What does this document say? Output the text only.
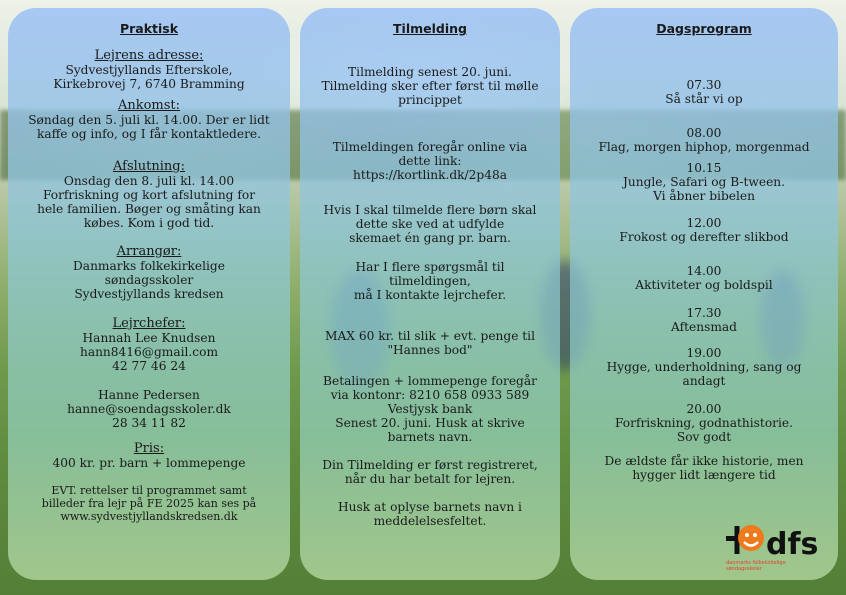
Praktisk
Lejrens adresse:
Sydvestjyllands Efterskole,
Kirkebrovej 7, 6740 Bramming
Ankomst:
Søndag den 5. juli kl. 14.00. Der er lidt
kaffe og info, og I får kontaktledere.
Afslutning:
Onsdag den 8. juli kl. 14.00
Forfriskning og kort afslutning for
hele familien. Bøger og småting kan
købes. Kom i god tid.
Arrangør:
Danmarks folkekirkelige
søndagsskoler
Sydvestjyllands kredsen
Lejrchefer:
Hannah Lee Knudsen
hann8416@gmail.com
42 77 46 24
Hanne Pedersen
hanne@soendagsskoler.dk
28 34 11 82
Pris:
400 kr. pr. barn + lommepenge
EVT. rettelser til programmet samt
billeder fra lejr på FE 2025 kan ses på
www.sydvestjyllandskredsen.dk
Tilmelding
Tilmelding senest 20. juni.
Tilmelding sker efter først til mølle
princippet
Tilmeldingen foregår online via
dette link:
https://kortlink.dk/2p48a
Hvis I skal tilmelde flere børn skal
dette ske ved at udfylde
skemaet én gang pr. barn.
Har I flere spørgsmål til
tilmeldingen,
må I kontakte lejrchefer.
MAX 60 kr. til slik + evt. penge til
"Hannes bod"
Betalingen + lommepenge foregår
via kontonr: 8210 658 0933 589
Vestjysk bank
Senest 20. juni. Husk at skrive
barnets navn.
Din Tilmelding er først registreret,
når du har betalt for lejren.
Husk at oplyse barnets navn i
meddelelsesfeltet.
Dagsprogram
07.30
Så står vi op
08.00
Flag, morgen hiphop, morgenmad
10.15
Jungle, Safari og B-tween.
Vi åbner bibelen
12.00
Frokost og derefter slikbod
14.00
Aktiviteter og boldspil
17.30
Aftensmad
19.00
Hygge, underholdning, sang og
andagt
20.00
Forfriskning, godnathistorie.
Sov godt
De ældste får ikke historie, men
hygger lidt længere tid
dfs
danmarks folkekirkelige søndagsskoler
